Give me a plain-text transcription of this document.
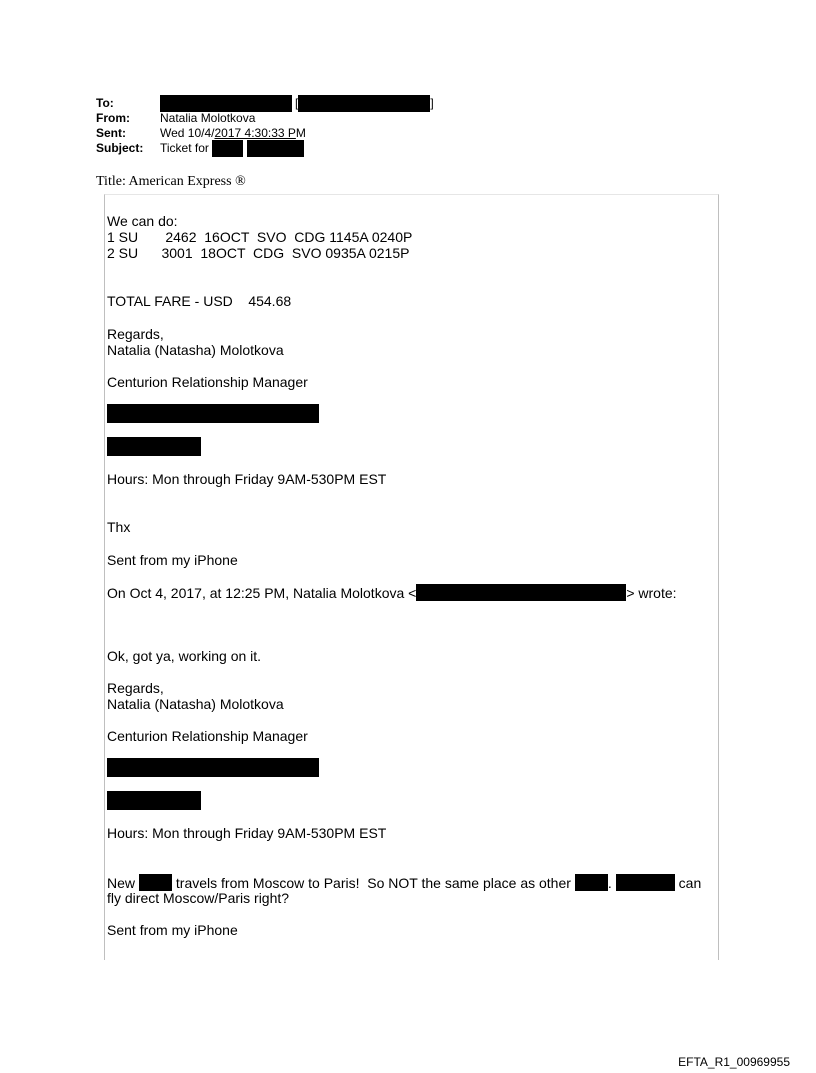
To:	[	]
From:	Natalia Molotkova
Sent:	Wed 10/4/ 2017 4:30:33 P M
Subject:	Ticket for
Title: American Express ®
We can do:
1 SU       2462  16OCT  SVO  CDG 1145A 0240P
2 SU      3001  18OCT  CDG  SVO 0935A 0215P
TOTAL FARE - USD    454.68
Regards,
Natalia (Natasha) Molotkova
Centurion Relationship Manager
Hours: Mon through Friday 9AM-530PM EST
Thx
Sent from my iPhone
On Oct 4, 2017, at 12:25 PM, Natalia Molotkova <	> wrote:
Ok, got ya, working on it.
Regards,
Natalia (Natasha) Molotkova
Centurion Relationship Manager
Hours: Mon through Friday 9AM-530PM EST
New	travels from Moscow to Paris!  So NOT the same place as other	.	can
fly direct Moscow/Paris right?
Sent from my iPhone
EFTA_R1_00969955
